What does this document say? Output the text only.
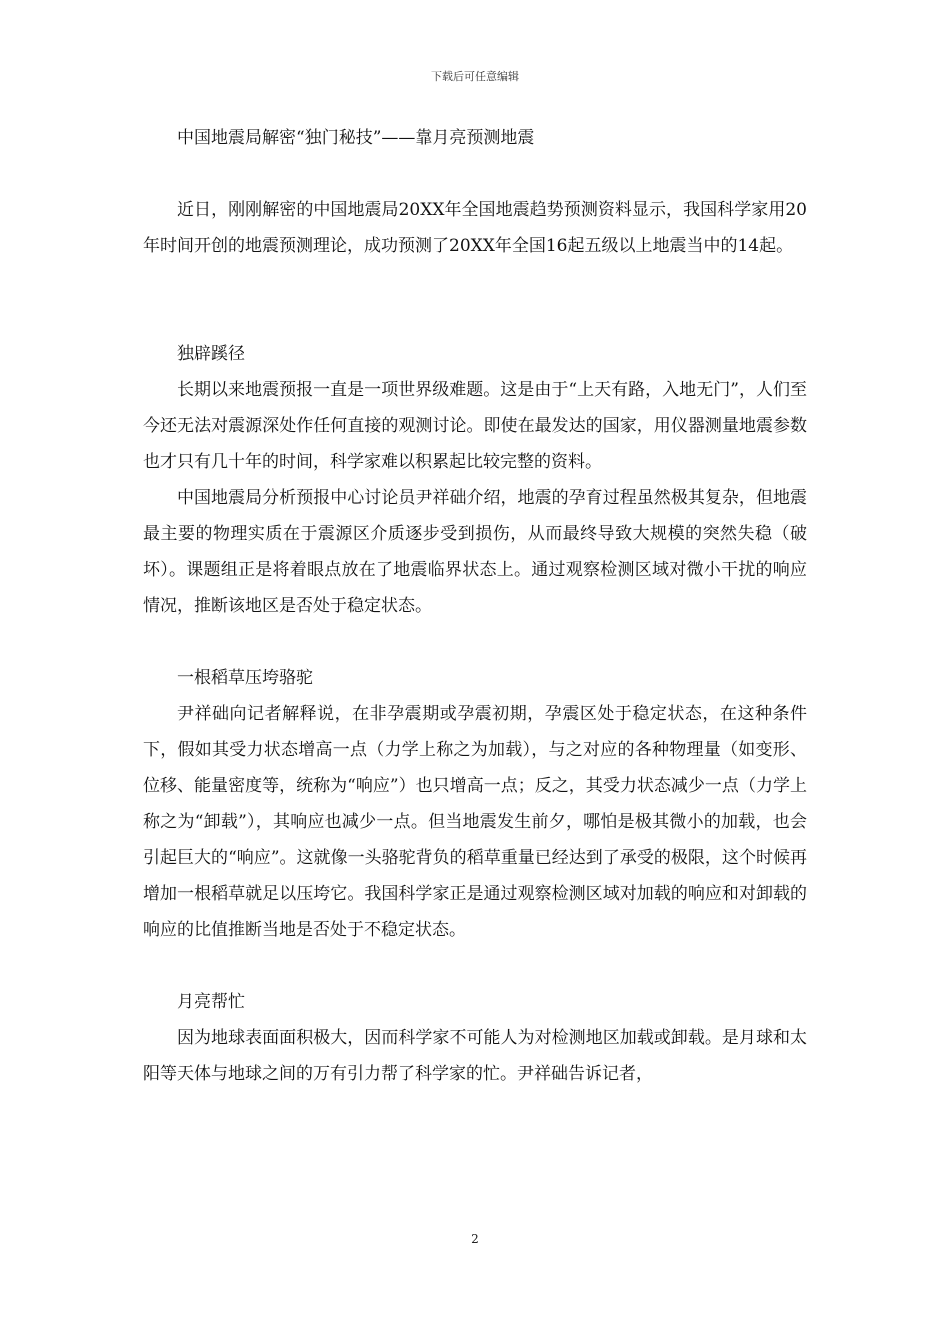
下载后可任意编辑

中国地震局解密“独门秘技”——靠月亮预测地震

近日，刚刚解密的中国地震局20XX年全国地震趋势预测资料显示，我国科学家用20年时间开创的地震预测理论，成功预测了20XX年全国16起五级以上地震当中的14起。

独辟蹊径

长期以来地震预报一直是一项世界级难题。这是由于“上天有路，入地无门”，人们至今还无法对震源深处作任何直接的观测讨论。即使在最发达的国家，用仪器测量地震参数也才只有几十年的时间，科学家难以积累起比较完整的资料。

中国地震局分析预报中心讨论员尹祥础介绍，地震的孕育过程虽然极其复杂，但地震最主要的物理实质在于震源区介质逐步受到损伤，从而最终导致大规模的突然失稳（破坏）。课题组正是将着眼点放在了地震临界状态上。通过观察检测区域对微小干扰的响应情况，推断该地区是否处于稳定状态。

一根稻草压垮骆驼

尹祥础向记者解释说，在非孕震期或孕震初期，孕震区处于稳定状态，在这种条件下，假如其受力状态增高一点（力学上称之为加载），与之对应的各种物理量（如变形、位移、能量密度等，统称为“响应”）也只增高一点；反之，其受力状态减少一点（力学上称之为“卸载”），其响应也减少一点。但当地震发生前夕，哪怕是极其微小的加载，也会引起巨大的“响应”。这就像一头骆驼背负的稻草重量已经达到了承受的极限，这个时候再增加一根稻草就足以压垮它。我国科学家正是通过观察检测区域对加载的响应和对卸载的响应的比值推断当地是否处于不稳定状态。

月亮帮忙

因为地球表面面积极大，因而科学家不可能人为对检测地区加载或卸载。是月球和太阳等天体与地球之间的万有引力帮了科学家的忙。尹祥础告诉记者，

2
